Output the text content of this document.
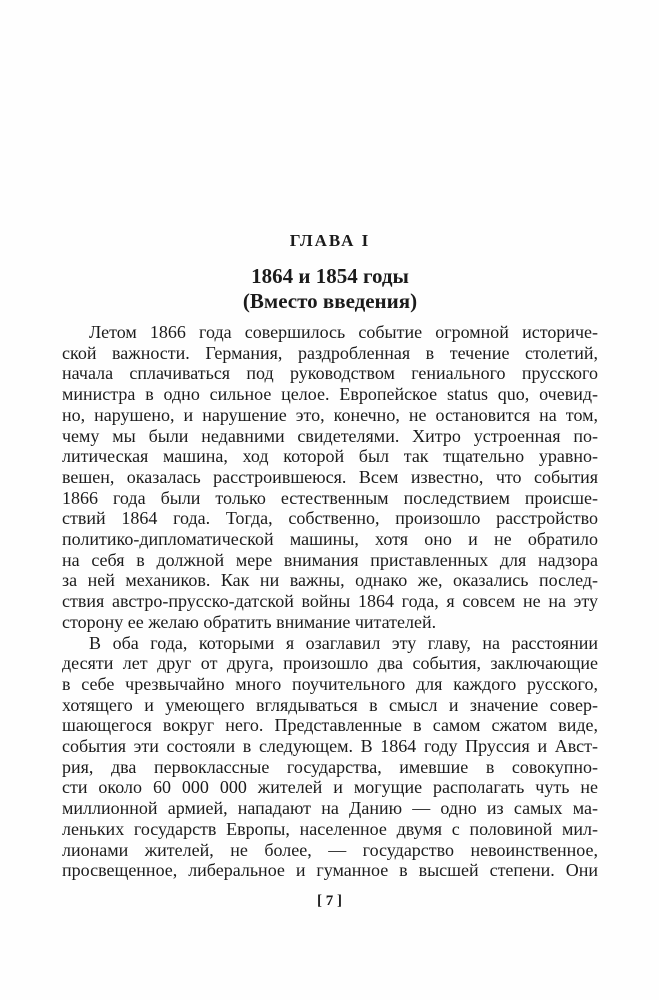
ГЛАВА I
1864 и 1854 годы
(Вместо введения)
Летом 1866 года совершилось событие огромной историче-
ской важности. Германия, раздробленная в течение столетий,
начала сплачиваться под руководством гениального прусского
министра в одно сильное целое. Европейское status quo, очевид-
но, нарушено, и нарушение это, конечно, не остановится на том,
чему мы были недавними свидетелями. Хитро устроенная по-
литическая машина, ход которой был так тщательно уравно-
вешен, оказалась расстроившеюся. Всем известно, что события
1866 года были только естественным последствием происше-
ствий 1864 года. Тогда, собственно, произошло расстройство
политико-дипломатической машины, хотя оно и не обратило
на себя в должной мере внимания приставленных для надзора
за ней механиков. Как ни важны, однако же, оказались послед-
ствия австро-прусско-датской войны 1864 года, я совсем не на эту
сторону ее желаю обратить внимание читателей.
В оба года, которыми я озаглавил эту главу, на расстоянии
десяти лет друг от друга, произошло два события, заключающие
в себе чрезвычайно много поучительного для каждого русского,
хотящего и умеющего вглядываться в смысл и значение совер-
шающегося вокруг него. Представленные в самом сжатом виде,
события эти состояли в следующем. В 1864 году Пруссия и Авст-
рия, два первоклассные государства, имевшие в совокупно-
сти около 60 000 000 жителей и могущие располагать чуть не
миллионной армией, нападают на Данию — одно из самых ма-
леньких государств Европы, населенное двумя с половиной мил-
лионами жителей, не более, — государство невоинственное,
просвещенное, либеральное и гуманное в высшей степени. Они
[ 7 ]
